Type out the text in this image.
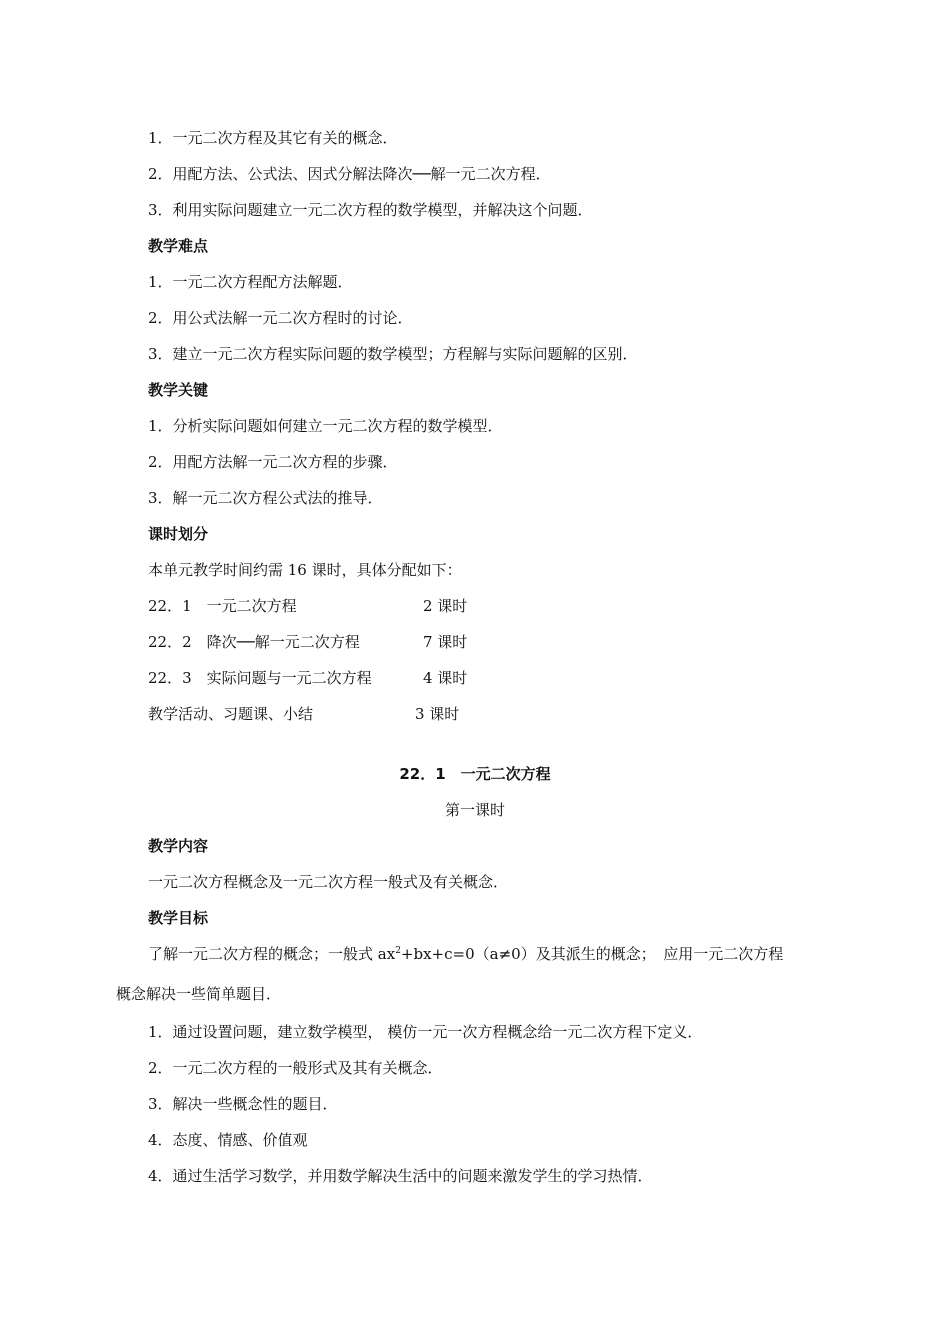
1．一元二次方程及其它有关的概念．
2．用配方法、公式法、因式分解法降次──解一元二次方程．
3．利用实际问题建立一元二次方程的数学模型，并解决这个问题．
教学难点
1．一元二次方程配方法解题．
2．用公式法解一元二次方程时的讨论．
3．建立一元二次方程实际问题的数学模型；方程解与实际问题解的区别．
教学关键
1．分析实际问题如何建立一元二次方程的数学模型．
2．用配方法解一元二次方程的步骤．
3．解一元二次方程公式法的推导．
课时划分
本单元教学时间约需 16 课时，具体分配如下：
22．1　一元二次方程	2 课时
22．2　降次──解一元二次方程	7 课时
22．3　实际问题与一元二次方程	4 课时
教学活动、习题课、小结	3 课时
22．1　一元二次方程
第一课时
教学内容
一元二次方程概念及一元二次方程一般式及有关概念．
教学目标
了解一元二次方程的概念；一般式 $ax^2+bx+c=0(a\ne 0)$及其派生的概念；　应用一元二次方程
概念解决一些简单题目．
1．通过设置问题，建立数学模型， 模仿一元一次方程概念给一元二次方程下定义．
2．一元二次方程的一般形式及其有关概念．
3．解决一些概念性的题目．
4．态度、情感、价值观
4．通过生活学习数学，并用数学解决生活中的问题来激发学生的学习热情．
